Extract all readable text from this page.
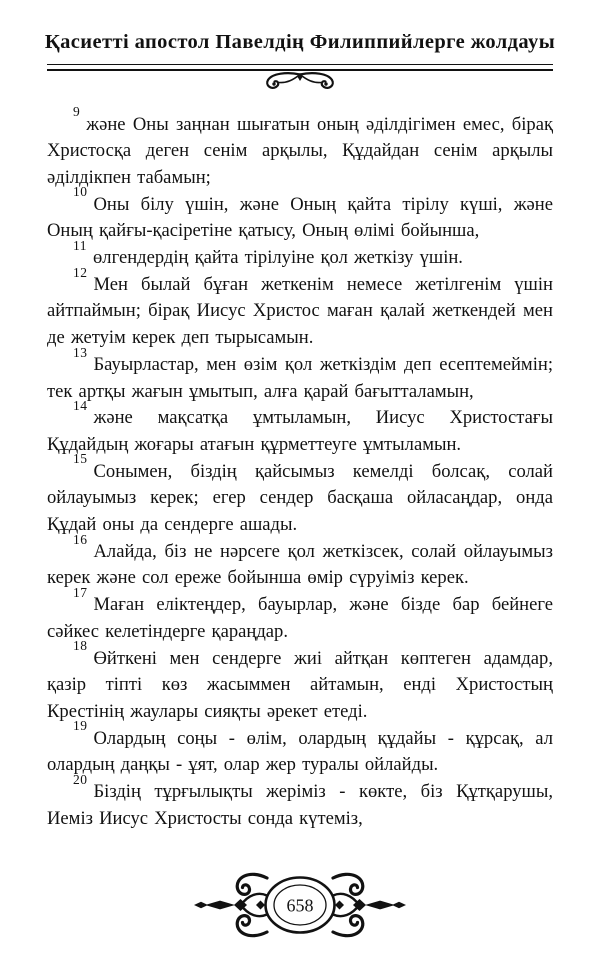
Қасиетті апостол Павелдің Филиппийлерге жолдауы

$^9$және Оны заңнан шығатын оның әділдігімен емес, бірақ Христосқа деген сенім арқылы, Құдайдан сенім арқылы әділдікпен табамын;

$^{10}$Оны білу үшін, және Оның қайта тірілу күші, және Оның қайғы-қасіретіне қатысу, Оның өлімі бойынша,

$^{11}$өлгендердің қайта тірілуіне қол жеткізу үшін.

$^{12}$Мен былай бұған жеткенім немесе жетілгенім үшін айтпаймын; бірақ Иисус Христос маған қалай жеткендей мен де жетуім керек деп тырысамын.

$^{13}$Бауырластар, мен өзім қол жеткіздім деп есептемеймін; тек артқы жағын ұмытып, алға қарай бағытталамын,

$^{14}$және мақсатқа ұмтыламын, Иисус Христостағы Құдайдың жоғары атағын құрметтеуге ұмтыламын.

$^{15}$Сонымен, біздің қайсымыз кемелді болсақ, солай ойлауымыз керек; егер сендер басқаша ойласаңдар, онда Құдай оны да сендерге ашады.

$^{16}$Алайда, біз не нәрсеге қол жеткізсек, солай ойлауымыз керек және сол ереже бойынша өмір сүруіміз керек.

$^{17}$Маған еліктеңдер, бауырлар, және бізде бар бейнеге сәйкес келетіндерге қараңдар.

$^{18}$Өйткені мен сендерге жиі айтқан көптеген адамдар, қазір тіпті көз жасыммен айтамын, енді Христостың Крестінің жаулары сияқты әрекет етеді.

$^{19}$Олардың соңы - өлім, олардың құдайы - құрсақ, ал олардың даңқы - ұят, олар жер туралы ойлайды.

$^{20}$Біздің тұрғылықты жеріміз - көкте, біз Құтқарушы, Иеміз Иисус Христосты сонда күтеміз,

658
